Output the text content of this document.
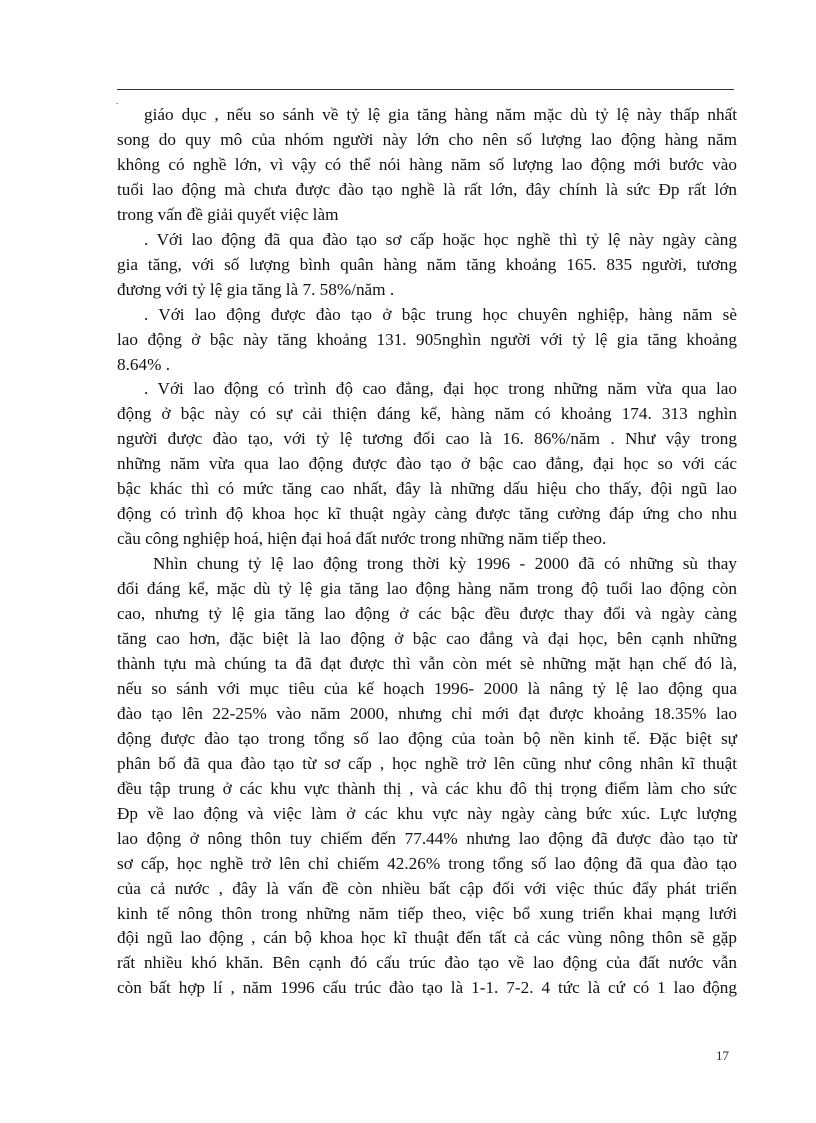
.

giáo dục , nếu so sánh về tỷ lệ gia tăng hàng năm mặc dù tỷ lệ này thấp nhất
song do quy mô của nhóm người này lớn cho nên số lượng lao động hàng năm
không có nghề lớn, vì vậy có thể nói hàng năm số lượng lao động mới bước vào
tuổi lao động mà chưa được đào tạo nghề là rất lớn, đây chính là sức Đp rất lớn
trong vấn đề giải quyết việc làm

. Với lao động đã qua đào tạo sơ cấp hoặc học nghề thì tỷ lệ này ngày càng
gia tăng, với số lượng bình quân hàng năm tăng khoảng 165. 835 người, tương
đương với tỷ lệ gia tăng là 7. 58%/năm .

. Với lao động được đào tạo ở bậc trung học chuyên nghiệp, hàng năm sè
lao động ở bậc này tăng khoảng 131. 905nghìn người với tỷ lệ gia tăng khoảng
8.64% .

. Với lao động có trình độ cao đẳng, đại học trong những năm vừa qua lao
động ở bậc này có sự cải thiện đáng kể, hàng năm có khoảng 174. 313 nghìn
người được đào tạo, với tỷ lệ tương đối cao là 16. 86%/năm . Như vậy trong
những năm vừa qua lao động được đào tạo ở bậc cao đẳng, đại học so với các
bậc khác thì có mức tăng cao nhất, đây là những dấu hiệu cho thấy, đội ngũ lao
động có trình độ khoa học kĩ thuật ngày càng được tăng cường đáp ứng cho nhu
cầu công nghiệp hoá, hiện đại hoá đất nước trong những năm tiếp theo.

Nhìn chung tỷ lệ lao động trong thời kỳ 1996 - 2000 đã có những sù thay
đổi đáng kể, mặc dù tỷ lệ gia tăng lao động hàng năm trong độ tuổi lao động còn
cao, nhưng tỷ lệ gia tăng lao động ở các bậc đều được thay đổi và ngày càng
tăng cao hơn, đặc biệt là lao động ở bậc cao đẳng và đại học, bên cạnh những
thành tựu mà chúng ta đã đạt được thì vẫn còn mét sè những mặt hạn chế đó là,
nếu so sánh với mục tiêu của kế hoạch 1996- 2000 là nâng tỷ lệ lao động qua
đào tạo lên 22-25% vào năm 2000, nhưng chỉ mới đạt được khoảng 18.35% lao
động được đào tạo trong tổng số lao động của toàn bộ nền kinh tế. Đặc biệt sự
phân bố đã qua đào tạo từ sơ cấp , học nghề trở lên cũng như công nhân kĩ thuật
đều tập trung ở các khu vực thành thị , và các khu đô thị trọng điểm làm cho sức
Đp về lao động và việc làm ở các khu vực này ngày càng bức xúc. Lực lượng
lao động ở nông thôn tuy chiếm đến 77.44% nhưng lao động đã được đào tạo từ
sơ cấp, học nghề trở lên chỉ chiếm 42.26% trong tổng số lao động đã qua đào tạo
của cả nước , đây là vấn đề còn nhiều bất cập đối với việc thúc đẩy phát triển
kinh tế nông thôn trong những năm tiếp theo, việc bổ xung triển khai mạng lưới
đội ngũ lao động , cán bộ khoa học kĩ thuật đến tất cả các vùng nông thôn sẽ gặp
rất nhiều khó khăn. Bên cạnh đó cấu trúc đào tạo về lao động của đất nước vẫn
còn bất hợp lí , năm 1996 cấu trúc đào tạo là 1-1. 7-2. 4 tức là cứ có 1 lao động

17
